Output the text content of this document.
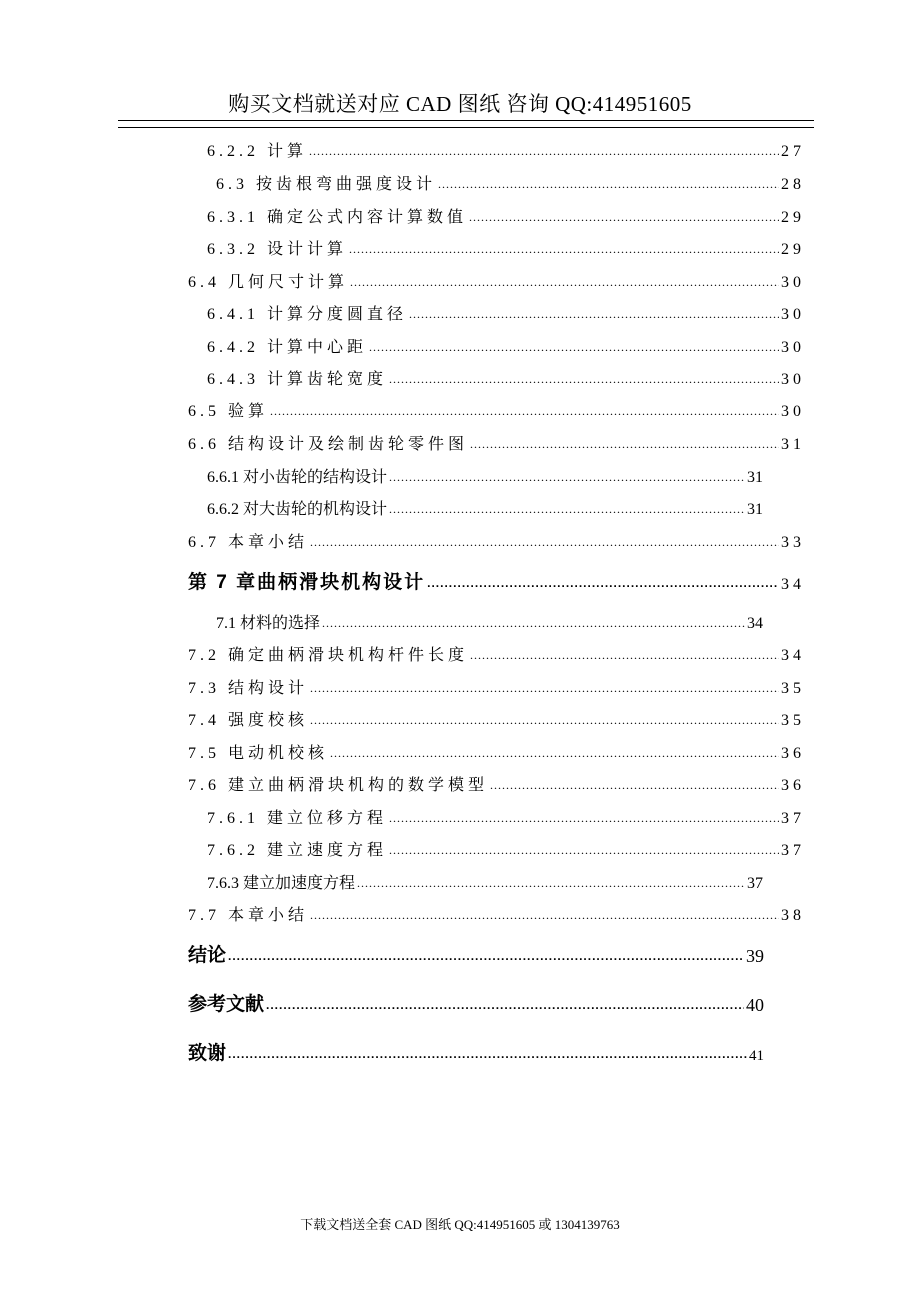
购买文档就送对应 CAD 图纸 咨询 QQ:414951605
6.2.2 计算 .....	27
6.3 按齿根弯曲强度设计 .....	28
6.3.1 确定公式内容计算数值 .....	29
6.3.2 设计计算 .....	29
6.4 几何尺寸计算 .....	30
6.4.1 计算分度圆直径 .....	30
6.4.2 计算中心距 .....	30
6.4.3 计算齿轮宽度 .....	30
6.5 验算 .....	30
6.6 结构设计及绘制齿轮零件图 .....	31
6.6.1 对小齿轮的结构设计 .....	31
6.6.2 对大齿轮的机构设计 .....	31
6.7 本章小结 .....	33
第 7 章曲柄滑块机构设计 .....	34
7.1 材料的选择 .....	34
7.2 确定曲柄滑块机构杆件长度 .....	34
7.3 结构设计 .....	35
7.4 强度校核 .....	35
7.5 电动机校核 .....	36
7.6 建立曲柄滑块机构的数学模型 .....	36
7.6.1 建立位移方程 .....	37
7.6.2 建立速度方程 .....	37
7.6.3 建立加速度方程 .....	37
7.7 本章小结 .....	38
结论 .....	39
参考文献 .....	40
致谢 .....	41
下载文档送全套 CAD 图纸 QQ:414951605 或 1304139763
